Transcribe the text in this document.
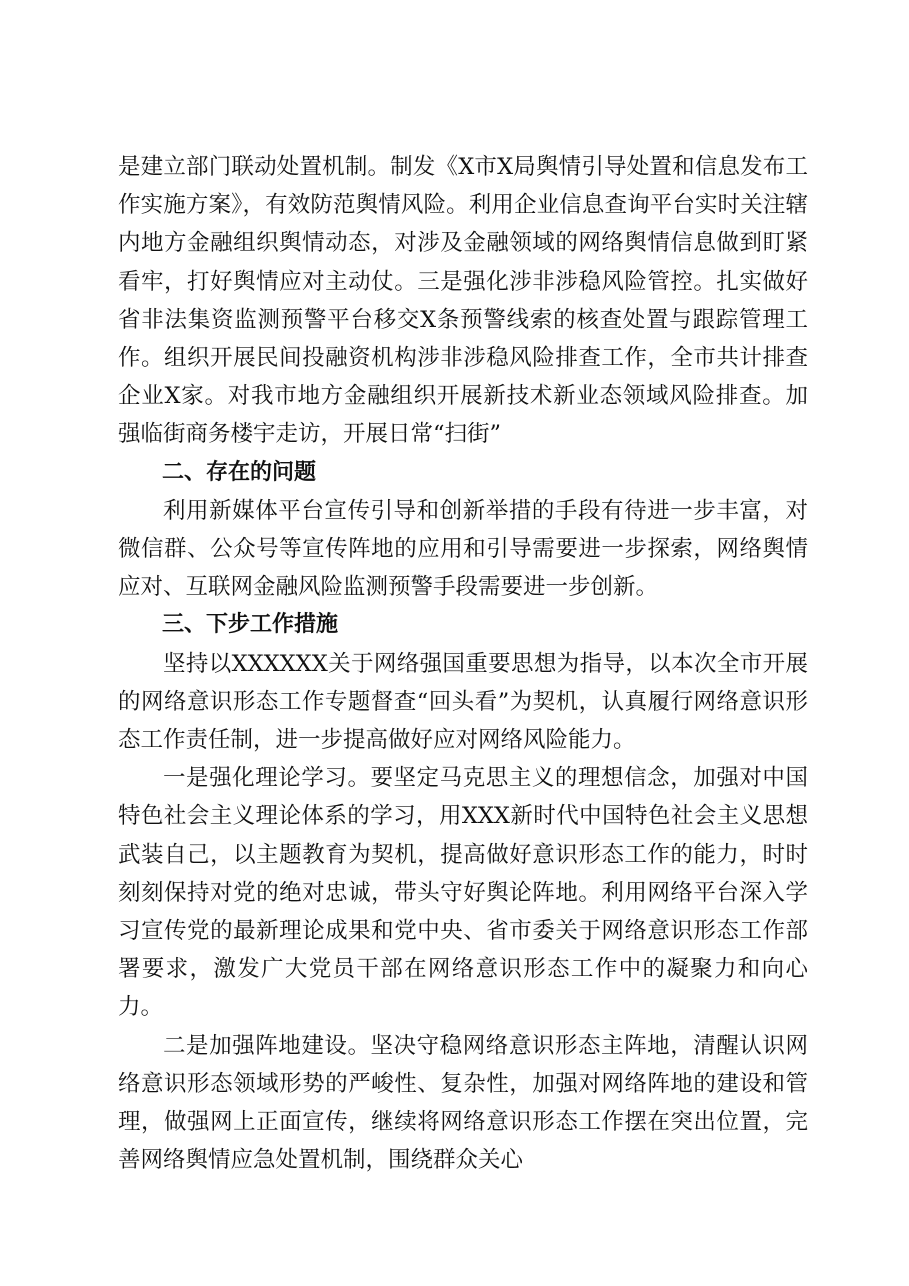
是建立部门联动处置机制。制发《X市X局舆情引导处置和信息发布工作实施方案》，有效防范舆情风险。利用企业信息查询平台实时关注辖内地方金融组织舆情动态，对涉及金融领域的网络舆情信息做到盯紧看牢，打好舆情应对主动仗。三是强化涉非涉稳风险管控。扎实做好省非法集资监测预警平台移交X条预警线索的核查处置与跟踪管理工作。组织开展民间投融资机构涉非涉稳风险排查工作，全市共计排查企业X家。对我市地方金融组织开展新技术新业态领域风险排查。加强临街商务楼宇走访，开展日常“扫街”

二、存在的问题

利用新媒体平台宣传引导和创新举措的手段有待进一步丰富，对微信群、公众号等宣传阵地的应用和引导需要进一步探索，网络舆情应对、互联网金融风险监测预警手段需要进一步创新。

三、下步工作措施

坚持以XXXXXX关于网络强国重要思想为指导，以本次全市开展的网络意识形态工作专题督查“回头看”为契机，认真履行网络意识形态工作责任制，进一步提高做好应对网络风险能力。

一是强化理论学习。要坚定马克思主义的理想信念，加强对中国特色社会主义理论体系的学习，用XXX新时代中国特色社会主义思想武装自己，以主题教育为契机，提高做好意识形态工作的能力，时时刻刻保持对党的绝对忠诚，带头守好舆论阵地。利用网络平台深入学习宣传党的最新理论成果和党中央、省市委关于网络意识形态工作部署要求，激发广大党员干部在网络意识形态工作中的凝聚力和向心力。

二是加强阵地建设。坚决守稳网络意识形态主阵地，清醒认识网络意识形态领域形势的严峻性、复杂性，加强对网络阵地的建设和管理，做强网上正面宣传，继续将网络意识形态工作摆在突出位置，完善网络舆情应急处置机制，围绕群众关心
